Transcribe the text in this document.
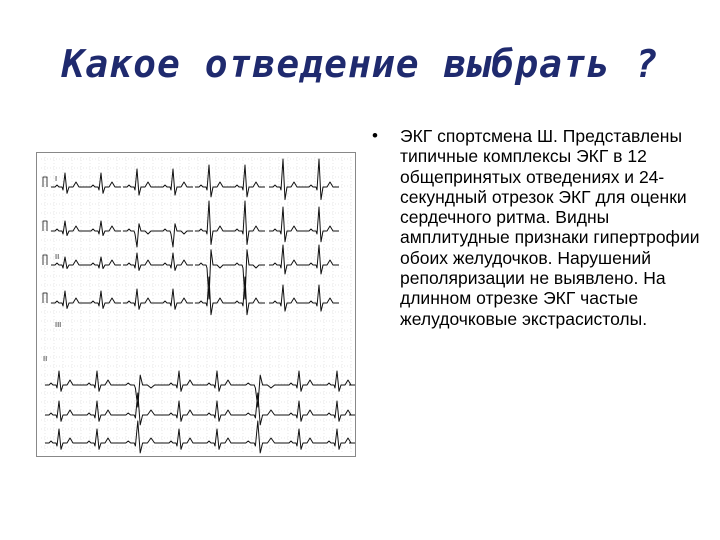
Какое отведение выбрать ?
I
II
III
II
• ЭКГ спортсмена Ш. Представлены типичные комплексы ЭКГ в 12 общепринятых отведениях и 24-секундный отрезок ЭКГ для оценки сердечного ритма. Видны амплитудные признаки гипертрофии обоих желудочков. Нарушений реполяризации не выявлено. На длинном отрезке ЭКГ частые желудочковые экстрасистолы.
